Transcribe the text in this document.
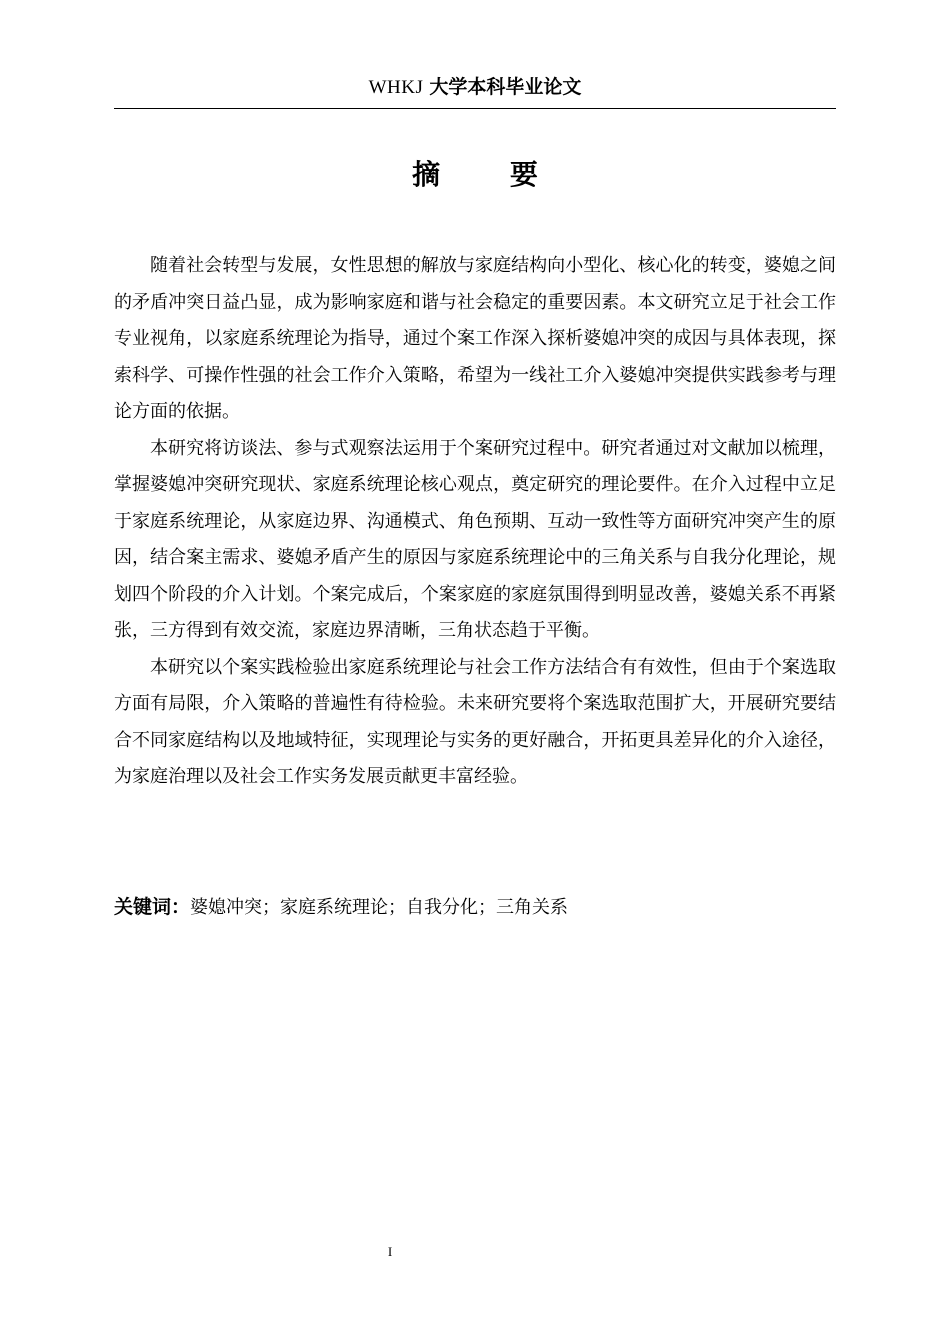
WHKJ 大学本科毕业论文
摘 要

随着社会转型与发展，女性思想的解放与家庭结构向小型化、核心化的转变，婆媳之间的矛盾冲突日益凸显，成为影响家庭和谐与社会稳定的重要因素。本文研究立足于社会工作专业视角，以家庭系统理论为指导，通过个案工作深入探析婆媳冲突的成因与具体表现，探索科学、可操作性强的社会工作介入策略，希望为一线社工介入婆媳冲突提供实践参考与理论方面的依据。

本研究将访谈法、参与式观察法运用于个案研究过程中。研究者通过对文献加以梳理，掌握婆媳冲突研究现状、家庭系统理论核心观点，奠定研究的理论要件。在介入过程中立足于家庭系统理论，从家庭边界、沟通模式、角色预期、互动一致性等方面研究冲突产生的原因，结合案主需求、婆媳矛盾产生的原因与家庭系统理论中的三角关系与自我分化理论，规划四个阶段的介入计划。个案完成后，个案家庭的家庭氛围得到明显改善，婆媳关系不再紧张，三方得到有效交流，家庭边界清晰，三角状态趋于平衡。

本研究以个案实践检验出家庭系统理论与社会工作方法结合有有效性，但由于个案选取方面有局限，介入策略的普遍性有待检验。未来研究要将个案选取范围扩大，开展研究要结合不同家庭结构以及地域特征，实现理论与实务的更好融合，开拓更具差异化的介入途径，为家庭治理以及社会工作实务发展贡献更丰富经验。

关键词：婆媳冲突；家庭系统理论；自我分化；三角关系
I
